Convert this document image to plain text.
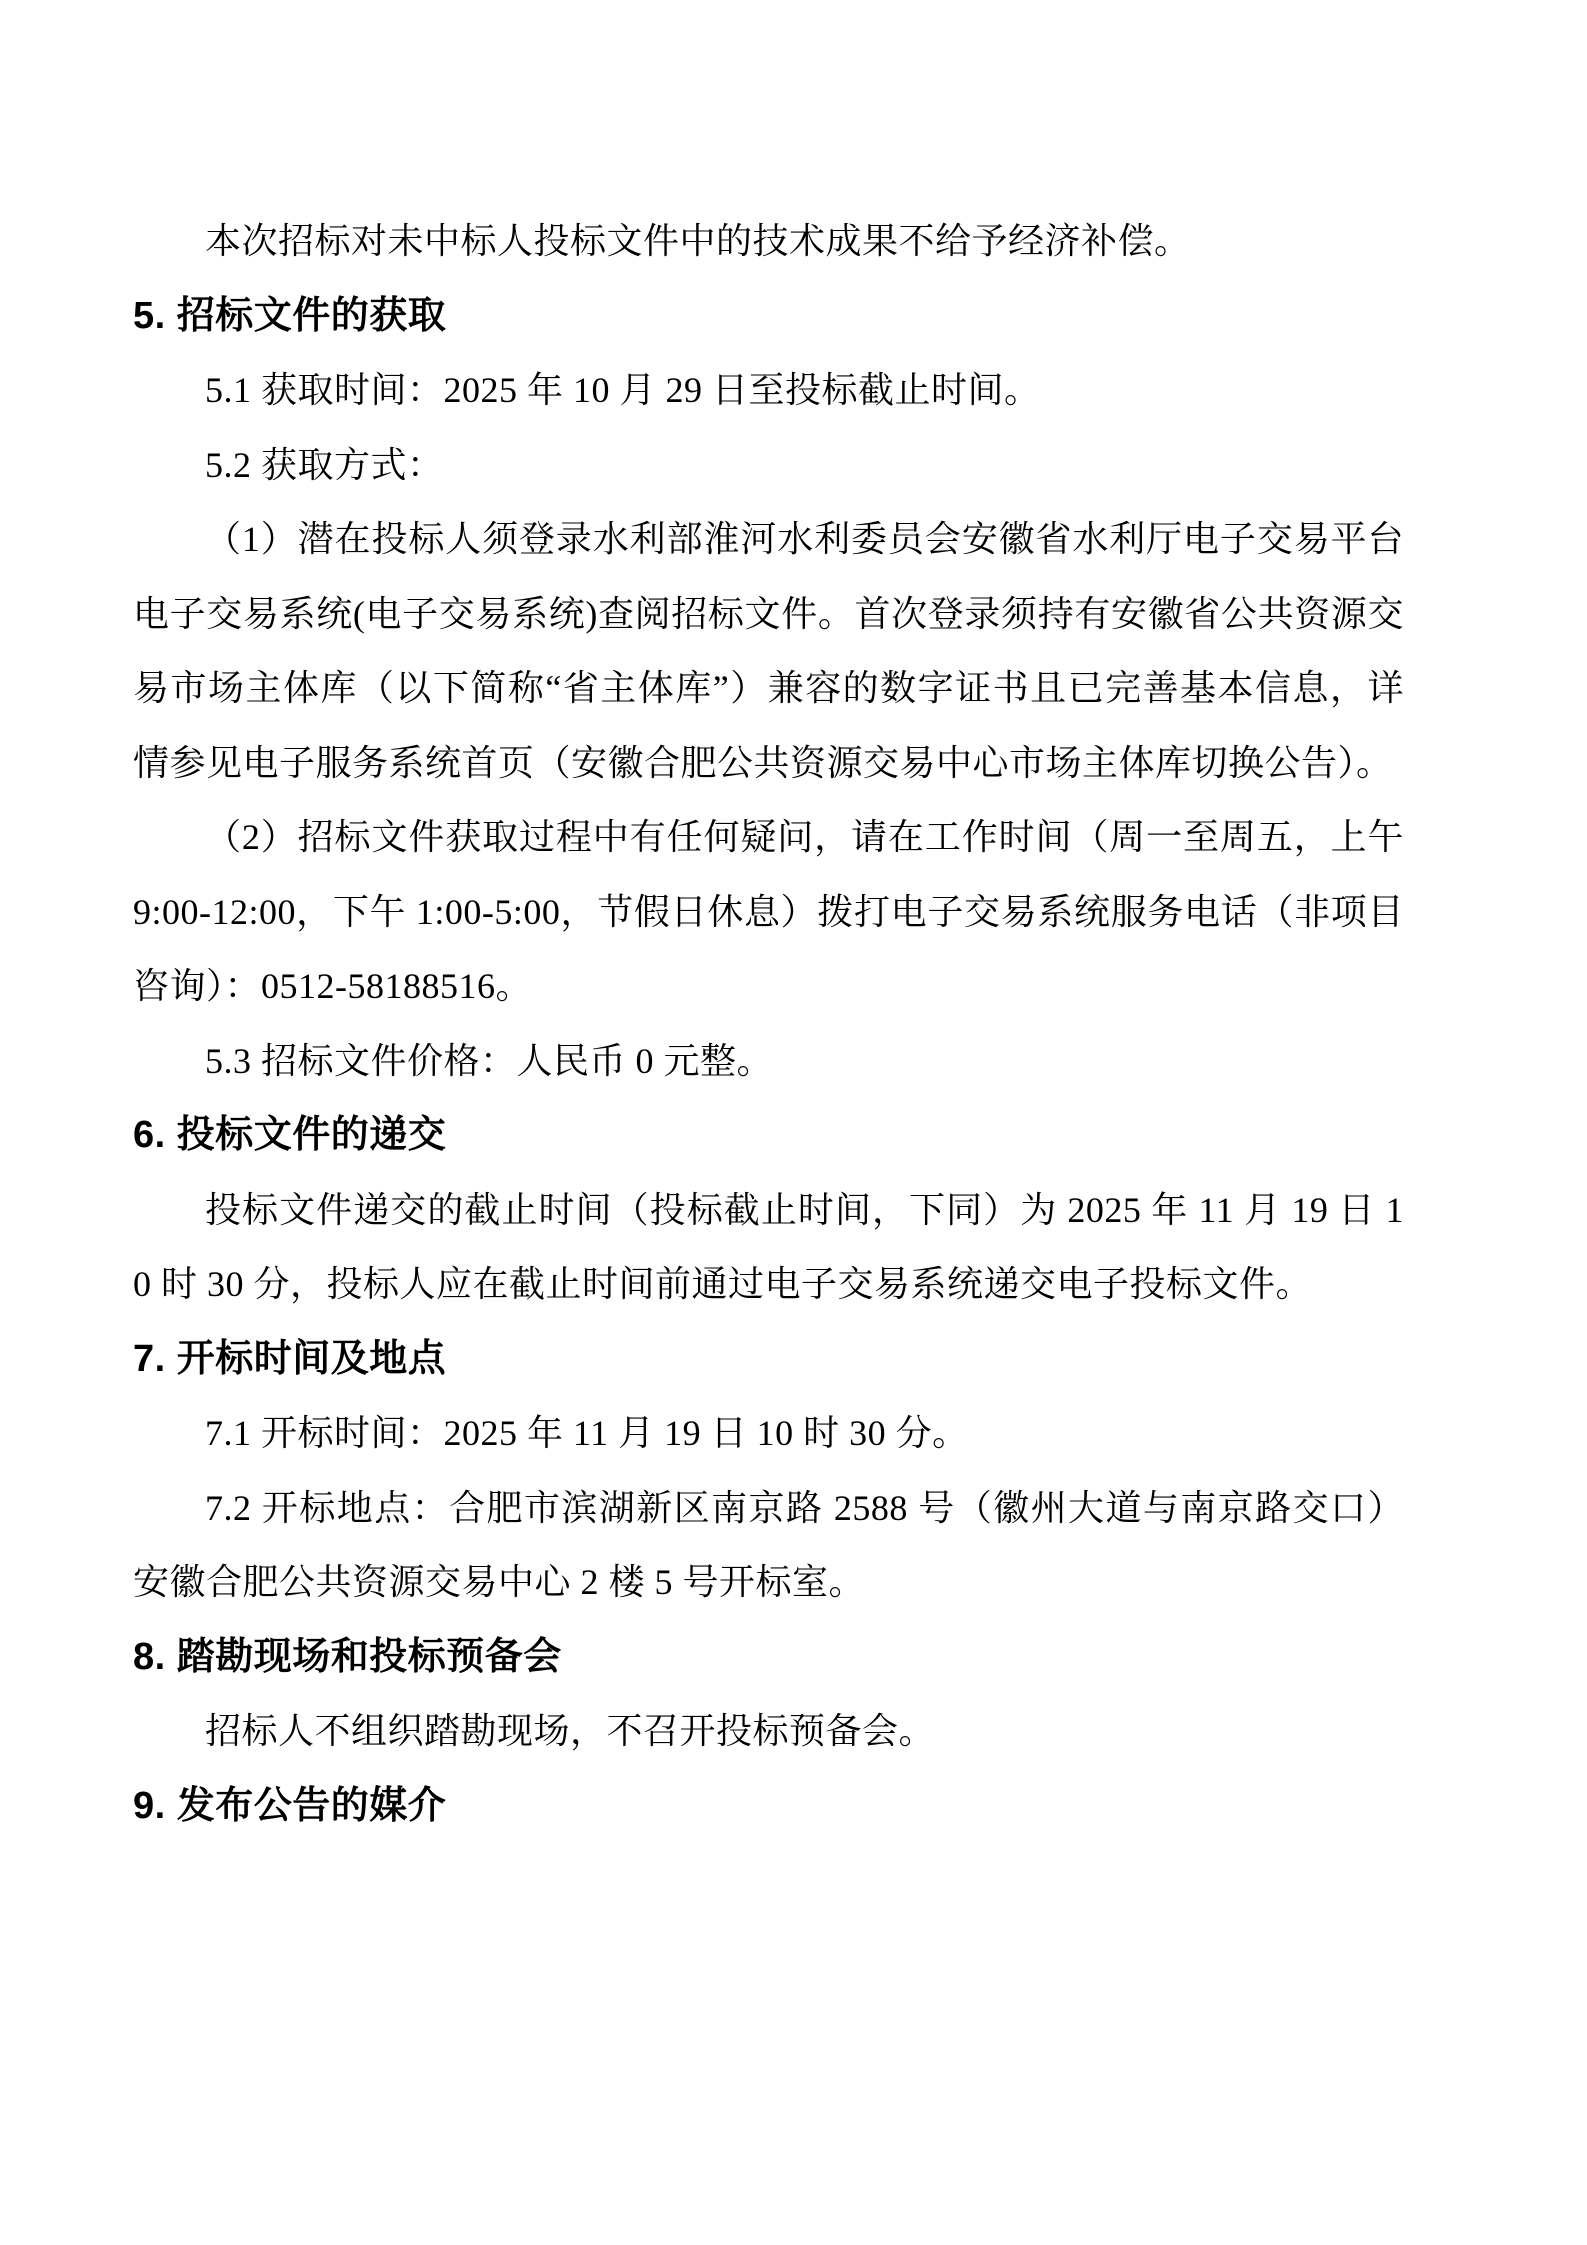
本次招标对未中标人投标文件中的技术成果不给予经济补偿。

5. 招标文件的获取

5.1 获取时间：2025 年 10 月 29 日至投标截止时间。

5.2 获取方式：

（1）潜在投标人须登录水利部淮河水利委员会安徽省水利厅电子交易平台电子交易系统(电子交易系统)查阅招标文件。首次登录须持有安徽省公共资源交易市场主体库（以下简称“省主体库”）兼容的数字证书且已完善基本信息，详情参见电子服务系统首页（安徽合肥公共资源交易中心市场主体库切换公告）。

（2）招标文件获取过程中有任何疑问，请在工作时间（周一至周五，上午 9:00-12:00，下午 1:00-5:00，节假日休息）拨打电子交易系统服务电话（非项目咨询）：0512-58188516。

5.3 招标文件价格：人民币 0 元整。

6. 投标文件的递交

投标文件递交的截止时间（投标截止时间，下同）为 2025 年 11 月 19 日 10 时 30 分，投标人应在截止时间前通过电子交易系统递交电子投标文件。

7. 开标时间及地点

7.1 开标时间：2025 年 11 月 19 日 10 时 30 分。

7.2 开标地点：合肥市滨湖新区南京路 2588 号（徽州大道与南京路交口）安徽合肥公共资源交易中心 2 楼 5 号开标室。

8. 踏勘现场和投标预备会

招标人不组织踏勘现场，不召开投标预备会。

9. 发布公告的媒介
